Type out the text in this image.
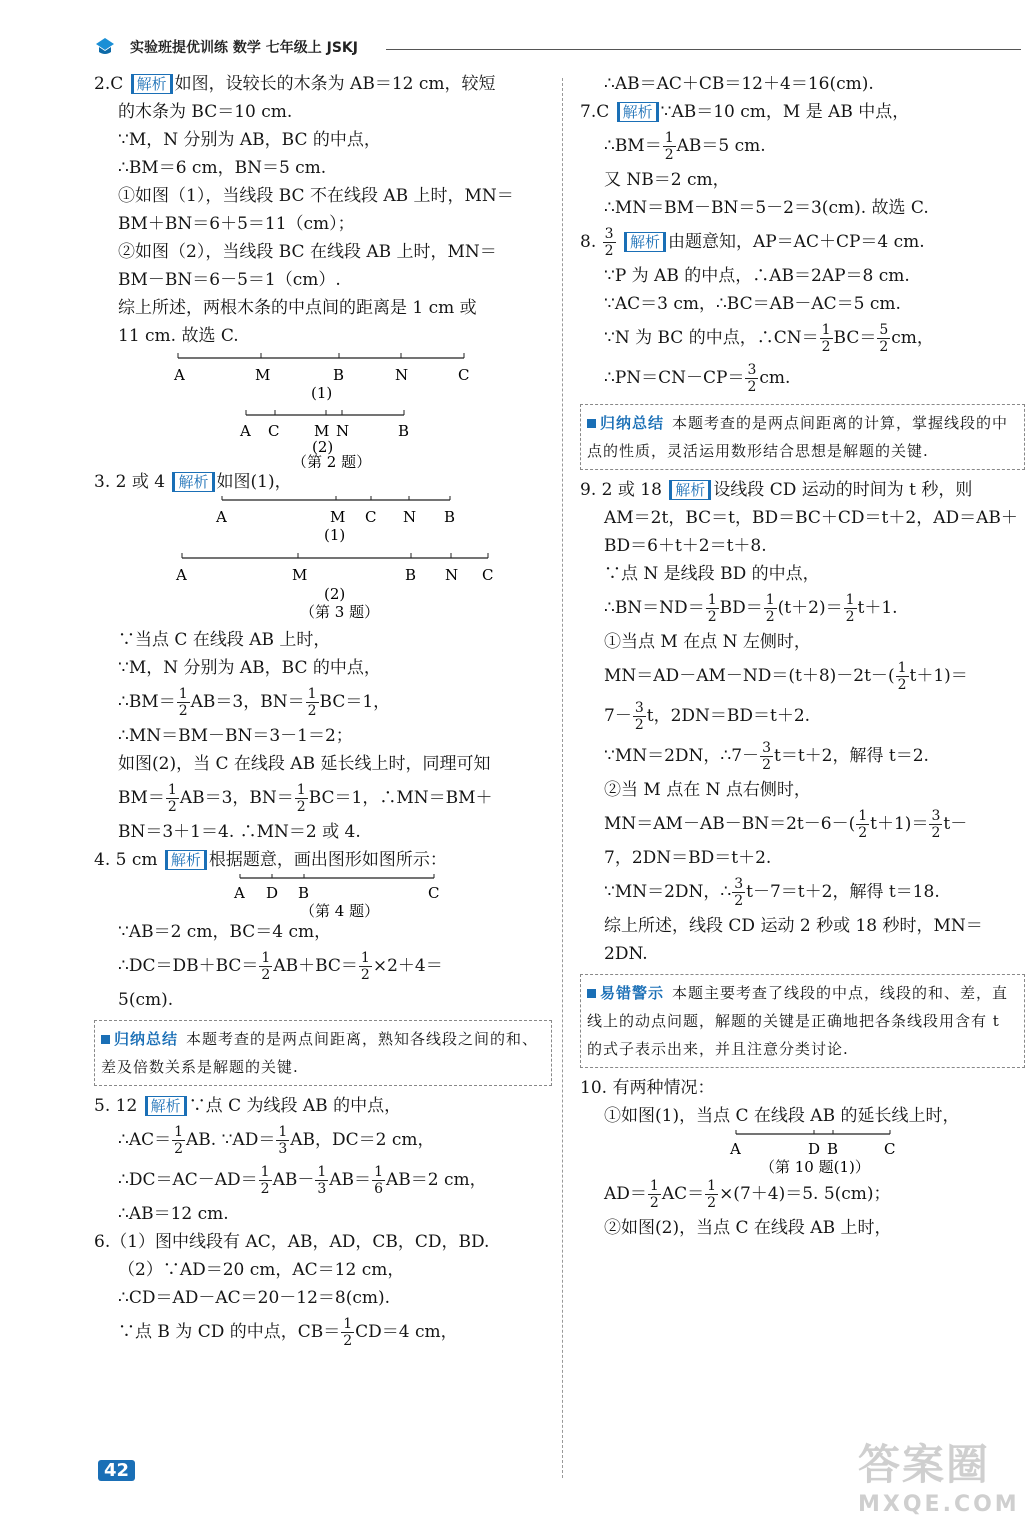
实验班提优训练 数学 七年级上 JSKJ

2.C 解析 如图，设较长的木条为 AB＝12 cm，较短

的木条为 BC＝10 cm.

∵M，N 分别为 AB，BC 的中点，

∴BM＝6 cm，BN＝5 cm.

①如图（1），当线段 BC 不在线段 AB 上时，MN＝

BM＋BN＝6＋5＝11（cm）；

②如图（2），当线段 BC 在线段 AB 上时，MN＝

BM－BN＝6－5＝1（cm）.

综上所述，两根木条的中点间的距离是 1 cm 或

11 cm. 故选 C.

A	M	B	N	C
(1)
A C M N	B
(2)
（第 2 题）

3. 2 或 4 解析 如图(1)，

A	M C N B
(1)
A	M	B N C
(2)
（第 3 题）

∵当点 C 在线段 AB 上时，

∵M，N 分别为 AB，BC 的中点，

∴BM＝ $\frac{1}{2} AB=3$，$BN= \frac{1}{2} BC=1$，

∴MN＝BM－BN＝3－1＝2；

如图(2)，当 C 在线段 AB 延长线上时，同理可知

$BM= \frac{1}{2} AB=3$，$BN= \frac{1}{2} BC=1$，∴MN＝BM＋

BN＝3＋1＝4. ∴MN＝2 或 4.

4. 5 cm 解析 根据题意，画出图形如图所示：

A D B	C
（第 4 题）

∵AB＝2 cm，BC＝4 cm，

∴DC＝DB＋BC＝ $\frac{1}{2} AB+BC= \frac{1}{2} \times 2+4=$

5(cm).

归纳总结 本题考查的是两点间距离，熟知各线段之间的和、差及倍数关系是解题的关键.

5. 12 解析 ∵点 C 为线段 AB 的中点，

∴AC＝ $\frac{1}{2}$ AB. ∵AD＝ $\frac{1}{3}$ AB，DC＝2 cm，

∴DC＝AC－AD＝ $\frac{1}{2} AB- \frac{1}{3} AB= \frac{1}{6} AB=2$ cm，

∴AB＝12 cm.

6.（1）图中线段有 AC，AB，AD，CB，CD，BD.

（2）∵AD＝20 cm，AC＝12 cm，

∴CD＝AD－AC＝20－12＝8(cm).

∵点 B 为 CD 的中点，$CB= \frac{1}{2} CD=4$ cm，

∴AB＝AC＋CB＝12＋4＝16(cm).

7.C 解析 ∵AB＝10 cm，M 是 AB 中点，

∴BM＝ $\frac{1}{2} AB=5$ cm.

又 NB＝2 cm，

∴MN＝BM－BN＝5－2＝3(cm). 故选 C.

8. $\frac{3}{2}$ 解析 由题意知，AP＝AC＋CP＝4 cm.

∵P 为 AB 的中点，∴AB＝2AP＝8 cm.

∵AC＝3 cm，∴BC＝AB－AC＝5 cm.

∵N 为 BC 的中点，∴CN＝ $\frac{1}{2} BC= \frac{5}{2}$ cm，

∴PN＝CN－CP＝ $\frac{3}{2}$ cm.

归纳总结 本题考查的是两点间距离的计算，掌握线段的中点的性质，灵活运用数形结合思想是解题的关键.

9. 2 或 18 解析 设线段 CD 运动的时间为 t 秒，则

AM＝2t，BC＝t，BD＝BC＋CD＝t＋2，AD＝AB＋

BD＝6＋t＋2＝t＋8.

∵点 N 是线段 BD 的中点，

∴BN＝ND＝ $\frac{1}{2} BD= \frac{1}{2} (t+2)= \frac{1}{2} t+1$.

①当点 M 在点 N 左侧时，

$MN=AD-AM-ND=(t+8)-2t-( \frac{1}{2} t+1)=$

$7- \frac{3}{2}$ t，2DN＝BD＝t＋2.

∵MN＝2DN，∴7－ $\frac{3}{2} t=t+2$，解得 t＝2.

②当 M 点在 N 点右侧时，

$MN=AM-AB-BN=2t-6-( \frac{1}{2} t+1)= \frac{3}{2} t-$

7，2DN＝BD＝t＋2.

∵MN＝2DN，∴ $\frac{3}{2} t-7=t+2$，解得 t＝18.

综上所述，线段 CD 运动 2 秒或 18 秒时，MN＝

2DN.

易错警示 本题主要考查了线段的中点，线段的和、差，直线上的动点问题，解题的关键是正确地把各条线段用含有 t 的式子表示出来，并且注意分类讨论.

10. 有两种情况：

①如图(1)，当点 C 在线段 AB 的延长线上时，

A	D B	C
（第 10 题(1)）

$AD= \frac{1}{2} AC= \frac{1}{2} \times(7+4)=5$. 5(cm)；

②如图(2)，当点 C 在线段 AB 上时，

42	答案圈
MXQE.COM
